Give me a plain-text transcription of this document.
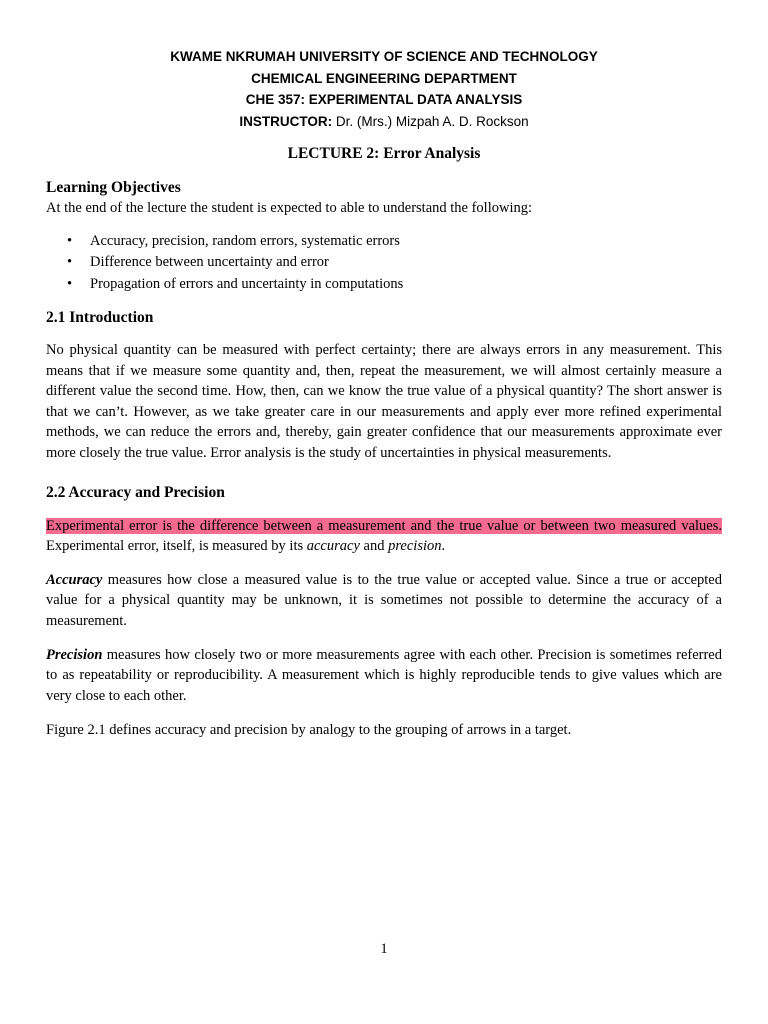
KWAME NKRUMAH UNIVERSITY OF SCIENCE AND TECHNOLOGY
CHEMICAL ENGINEERING DEPARTMENT
CHE 357: EXPERIMENTAL DATA ANALYSIS
INSTRUCTOR: Dr. (Mrs.) Mizpah A. D. Rockson
LECTURE 2: Error Analysis
Learning Objectives

At the end of the lecture the student is expected to able to understand the following:

• Accuracy, precision, random errors, systematic errors
• Difference between uncertainty and error
• Propagation of errors and uncertainty in computations
2.1 Introduction

No physical quantity can be measured with perfect certainty; there are always errors in any measurement. This means that if we measure some quantity and, then, repeat the measurement, we will almost certainly measure a different value the second time. How, then, can we know the true value of a physical quantity? The short answer is that we can’t. However, as we take greater care in our measurements and apply ever more refined experimental methods, we can reduce the errors and, thereby, gain greater confidence that our measurements approximate ever more closely the true value. Error analysis is the study of uncertainties in physical measurements.

2.2 Accuracy and Precision

Experimental error is the difference between a measurement and the true value or between two measured values. Experimental error, itself, is measured by its accuracy and precision.

Accuracy measures how close a measured value is to the true value or accepted value. Since a true or accepted value for a physical quantity may be unknown, it is sometimes not possible to determine the accuracy of a measurement.

Precision measures how closely two or more measurements agree with each other. Precision is sometimes referred to as repeatability or reproducibility. A measurement which is highly reproducible tends to give values which are very close to each other.

Figure 2.1 defines accuracy and precision by analogy to the grouping of arrows in a target.

1
